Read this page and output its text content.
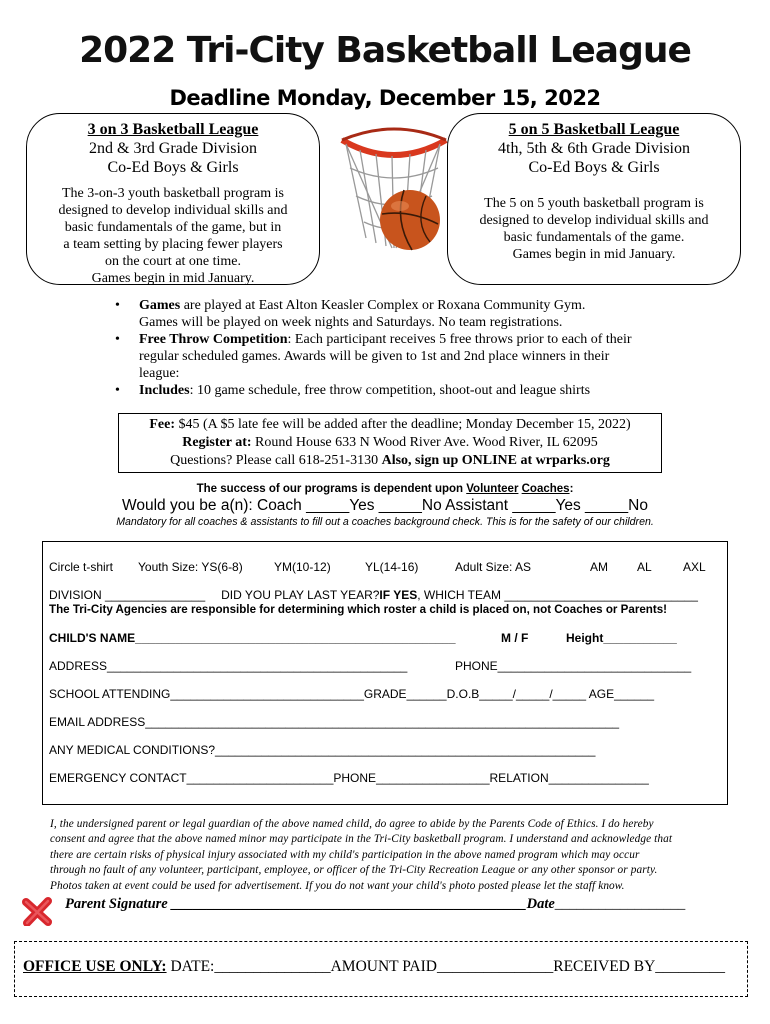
2022 Tri-City Basketball League
Deadline Monday, December 15, 2022
3 on 3 Basketball League
2nd & 3rd Grade Division
Co-Ed Boys & Girls
The 3-on-3 youth basketball program is
designed to develop individual skills and
basic fundamentals of the game, but in
a team setting by placing fewer players
on the court at one time.
Games begin in mid January.
5 on 5 Basketball League
4th, 5th & 6th Grade Division
Co-Ed Boys & Girls
The 5 on 5 youth basketball program is
designed to develop individual skills and
basic fundamentals of the game.
Games begin in mid January.
• Games are played at East Alton Keasler Complex or Roxana Community Gym.
Games will be played on week nights and Saturdays. No team registrations.
• Free Throw Competition: Each participant receives 5 free throws prior to each of their
regular scheduled games. Awards will be given to 1st and 2nd place winners in their
league:
• Includes: 10 game schedule, free throw competition, shoot-out and league shirts
Fee: $45 (A $5 late fee will be added after the deadline; Monday December 15, 2022)
Register at: Round House 633 N Wood River Ave. Wood River, IL 62095
Questions? Please call 618-251-3130 Also, sign up ONLINE at wrparks.org
The success of our programs is dependent upon Volunteer Coaches:
Would you be a(n): Coach _____Yes _____No Assistant _____Yes _____No
Mandatory for all coaches & assistants to fill out a coaches background check. This is for the safety of our children.
Circle t-shirt Youth Size: YS(6-8)	YM(10-12)	YL(14-16)	Adult Size: AS	AM AL	AXL
DIVISION _______________ DID YOU PLAY LAST YEAR?IF YES, WHICH TEAM _____________________________
The Tri-City Agencies are responsible for determining which roster a child is placed on, not Coaches or Parents!
CHILD'S NAME________________________________________________	M / F	Height___________
ADDRESS_____________________________________________	PHONE_____________________________
SCHOOL ATTENDING_____________________________GRADE______D.O.B_____/_____/_____ AGE______
EMAIL ADDRESS_______________________________________________________________________
ANY MEDICAL CONDITIONS?_________________________________________________________
EMERGENCY CONTACT______________________PHONE_________________RELATION_______________
I, the undersigned parent or legal guardian of the above named child, do agree to abide by the Parents Code of Ethics. I do hereby
consent and agree that the above named minor may participate in the Tri-City basketball program. I understand and acknowledge that
there are certain risks of physical injury associated with my child's participation in the above named program which may occur
through no fault of any volunteer, participant, employee, or officer of the Tri-City Recreation League or any other sponsor or party.
Photos taken at event could be used for advertisement. If you do not want your child's photo posted please let the staff know.
Parent Signature _________________________________________________Date__________________
OFFICE USE ONLY: DATE:_______________AMOUNT PAID_______________RECEIVED BY_________
